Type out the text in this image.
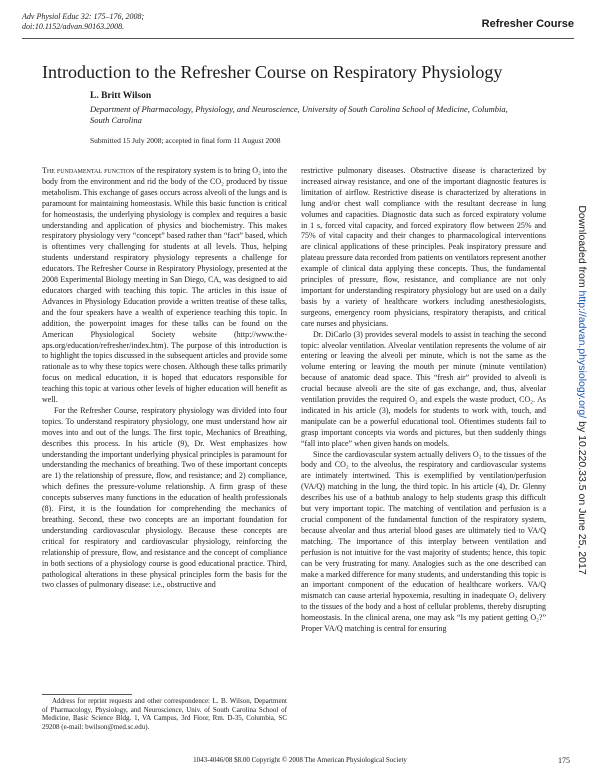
Adv Physiol Educ 32: 175–176, 2008;
doi:10.1152/advan.90163.2008.	Refresher Course
Introduction to the Refresher Course on Respiratory Physiology
L. Britt Wilson
Department of Pharmacology, Physiology, and Neuroscience, University of South Carolina School of Medicine, Columbia, South Carolina
Submitted 15 July 2008; accepted in final form 11 August 2008

The fundamental function of the respiratory system is to bring O₂ into the body from the environment and rid the body of the CO₂ produced by tissue metabolism. This exchange of gases occurs across alveoli of the lungs and is paramount for maintaining homeostasis. While this basic function is critical for homeostasis, the underlying physiology is complex and requires a basic understanding and application of physics and biochemistry. This makes respiratory physiology very “concept” based rather than “fact” based, which is oftentimes very challenging for students at all levels. Thus, helping students understand respiratory physiology represents a challenge for educators. The Refresher Course in Respiratory Physiology, presented at the 2008 Experimental Biology meeting in San Diego, CA, was designed to aid educators charged with teaching this topic. The articles in this issue of Advances in Physiology Education provide a written treatise of these talks, and the four speakers have a wealth of experience teaching this topic. In addition, the powerpoint images for these talks can be found on the American Physiological Society website (http://www.the-aps.org/education/refresher/index.htm). The purpose of this introduction is to highlight the topics discussed in the subsequent articles and provide some rationale as to why these topics were chosen. Although these talks primarily focus on medical education, it is hoped that educators responsible for teaching this topic at various other levels of higher education will benefit as well.

For the Refresher Course, respiratory physiology was divided into four topics. To understand respiratory physiology, one must understand how air moves into and out of the lungs. The first topic, Mechanics of Breathing, describes this process. In his article (9), Dr. West emphasizes how understanding the important underlying physical principles is paramount for understanding the mechanics of breathing. Two of these important concepts are 1) the relationship of pressure, flow, and resistance; and 2) compliance, which defines the pressure-volume relationship. A firm grasp of these concepts subserves many functions in the education of health professionals (8). First, it is the foundation for comprehending the mechanics of breathing. Second, these two concepts are an important foundation for understanding cardiovascular physiology. Because these concepts are critical for respiratory and cardiovascular physiology, reinforcing the relationship of pressure, flow, and resistance and the concept of compliance in both sections of a physiology course is good educational practice. Third, pathological alterations in these physical principles form the basis for the two classes of pulmonary disease: i.e., obstructive and

restrictive pulmonary diseases. Obstructive disease is characterized by increased airway resistance, and one of the important diagnostic features is limitation of airflow. Restrictive disease is characterized by alterations in lung and/or chest wall compliance with the resultant decrease in lung volumes and capacities. Diagnostic data such as forced expiratory volume in 1 s, forced vital capacity, and forced expiratory flow between 25% and 75% of vital capacity and their changes to pharmacological interventions are clinical applications of these principles. Peak inspiratory pressure and plateau pressure data recorded from patients on ventilators represent another example of clinical data applying these concepts. Thus, the fundamental principles of pressure, flow, resistance, and compliance are not only important for understanding respiratory physiology but are used on a daily basis by a variety of healthcare workers including anesthesiologists, surgeons, emergency room physicians, respiratory therapists, and critical care nurses and physicians.

Dr. DiCarlo (3) provides several models to assist in teaching the second topic: alveolar ventilation. Alveolar ventilation represents the volume of air entering or leaving the alveoli per minute, which is not the same as the volume entering or leaving the mouth per minute (minute ventilation) because of anatomic dead space. This “fresh air” provided to alveoli is crucial because alveoli are the site of gas exchange, and, thus, alveolar ventilation provides the required O₂ and expels the waste product, CO₂. As indicated in his article (3), models for students to work with, touch, and manipulate can be a powerful educational tool. Oftentimes students fail to grasp important concepts via words and pictures, but then suddenly things “fall into place” when given hands on models.

Since the cardiovascular system actually delivers O₂ to the tissues of the body and CO₂ to the alveolus, the respiratory and cardiovascular systems are intimately intertwined. This is exemplified by ventilation/perfusion (VA/Q) matching in the lung, the third topic. In his article (4), Dr. Glenny describes his use of a bathtub analogy to help students grasp this difficult but very important topic. The matching of ventilation and perfusion is a crucial component of the fundamental function of the respiratory system, because alveolar and thus arterial blood gases are ultimately tied to VA/Q matching. The importance of this interplay between ventilation and perfusion is not intuitive for the vast majority of students; hence, this topic can be very frustrating for many. Analogies such as the one described can make a marked difference for many students, and understanding this topic is an important component of the education of healthcare workers. VA/Q mismatch can cause arterial hypoxemia, resulting in inadequate O₂ delivery to the tissues of the body and a host of cellular problems, thereby disrupting homeostasis. In the clinical arena, one may ask “Is my patient getting O₂?” Proper VA/Q matching is central for ensuring

Address for reprint requests and other correspondence: L. B. Wilson, Department of Pharmacology, Physiology, and Neuroscience, Univ. of South Carolina School of Medicine, Basic Science Bldg. 1, VA Campus, 3rd Floor, Rm. D-35, Columbia, SC 29208 (e-mail: bwilson@med.sc.edu).
1043-4046/08 $8.00 Copyright © 2008 The American Physiological Society	175
Downloaded from http://advan.physiology.org/ by 10.220.33.5 on June 25, 2017
